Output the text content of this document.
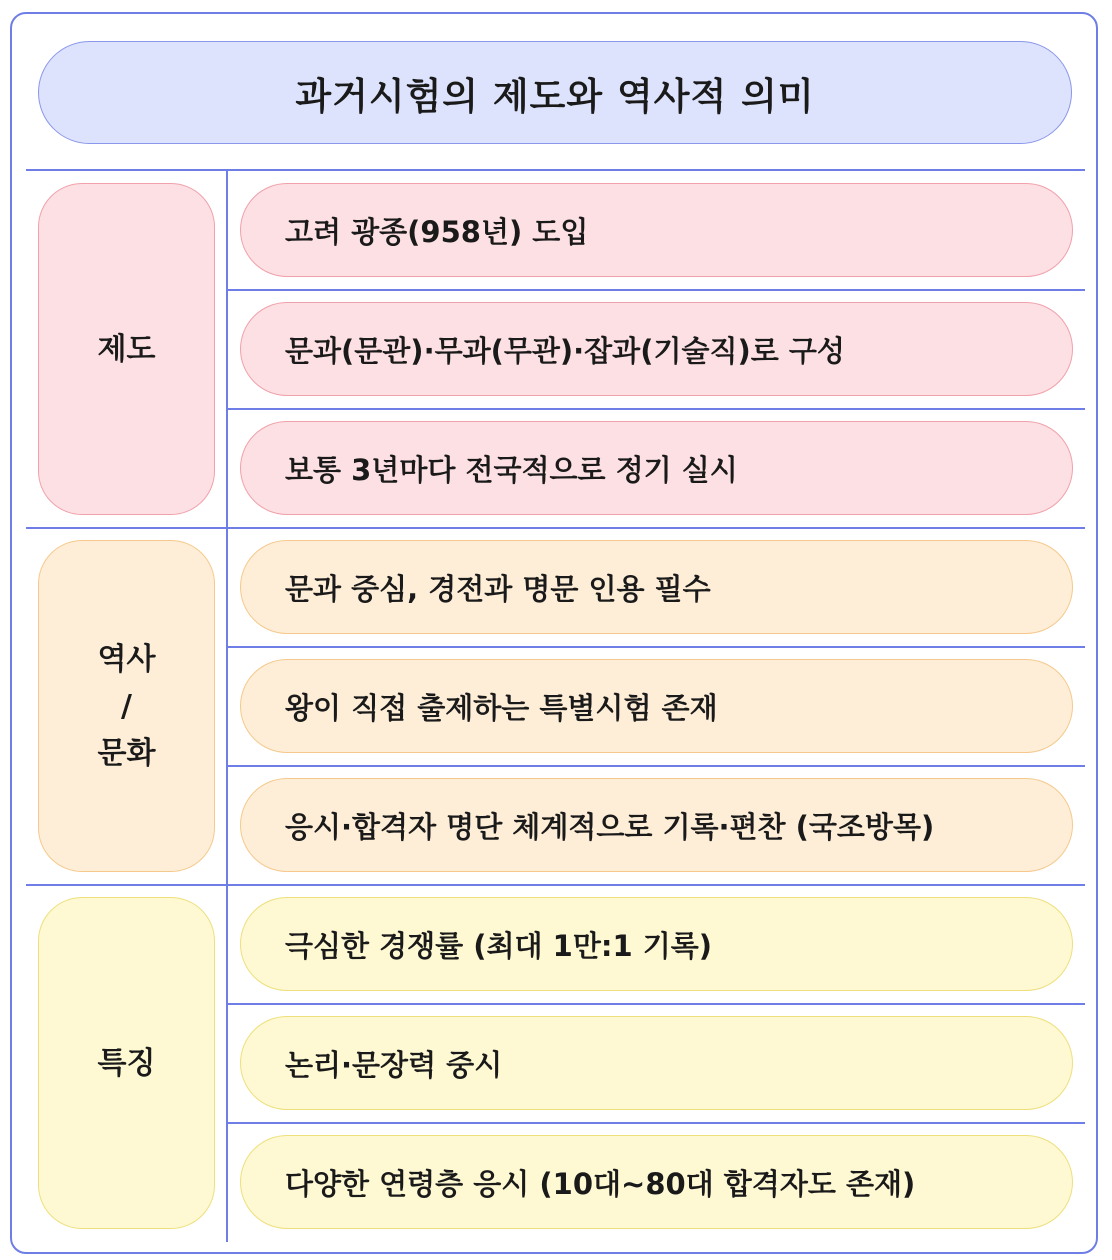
과거시험의 제도와 역사적 의미
제도
고려 광종(958년) 도입
문과(문관)·무과(무관)·잡과(기술직)로 구성
보통 3년마다 전국적으로 정기 실시
역사
/
문화
문과 중심, 경전과 명문 인용 필수
왕이 직접 출제하는 특별시험 존재
응시·합격자 명단 체계적으로 기록·편찬 (국조방목)
특징
극심한 경쟁률 (최대 1만:1 기록)
논리·문장력 중시
다양한 연령층 응시 (10대~80대 합격자도 존재)
